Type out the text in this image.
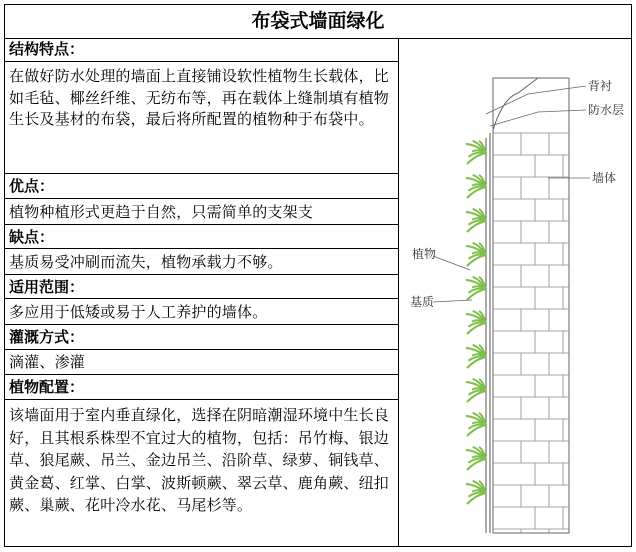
布袋式墙面绿化
结构特点：
在做好防水处理的墙面上直接铺设软性植物生长载体，比如毛毡、椰丝纤维、无纺布等，再在载体上缝制填有植物生长及基材的布袋，最后将所配置的植物种于布袋中。
优点：
植物种植形式更趋于自然，只需简单的支架支
缺点：
基质易受冲刷而流失，植物承载力不够。
适用范围：
多应用于低矮或易于人工养护的墙体。
灌溉方式：
滴灌、渗灌
植物配置：
该墙面用于室内垂直绿化，选择在阴暗潮湿环境中生长良好，且其根系株型不宜过大的植物，包括：吊竹梅、银边草、狼尾蕨、吊兰、金边吊兰、沿阶草、绿萝、铜钱草、黄金葛、红掌、白掌、波斯顿蕨、翠云草、鹿角蕨、纽扣蕨、巢蕨、花叶冷水花、马尾杉等。
背衬
防水层
墙体
植物
基质
